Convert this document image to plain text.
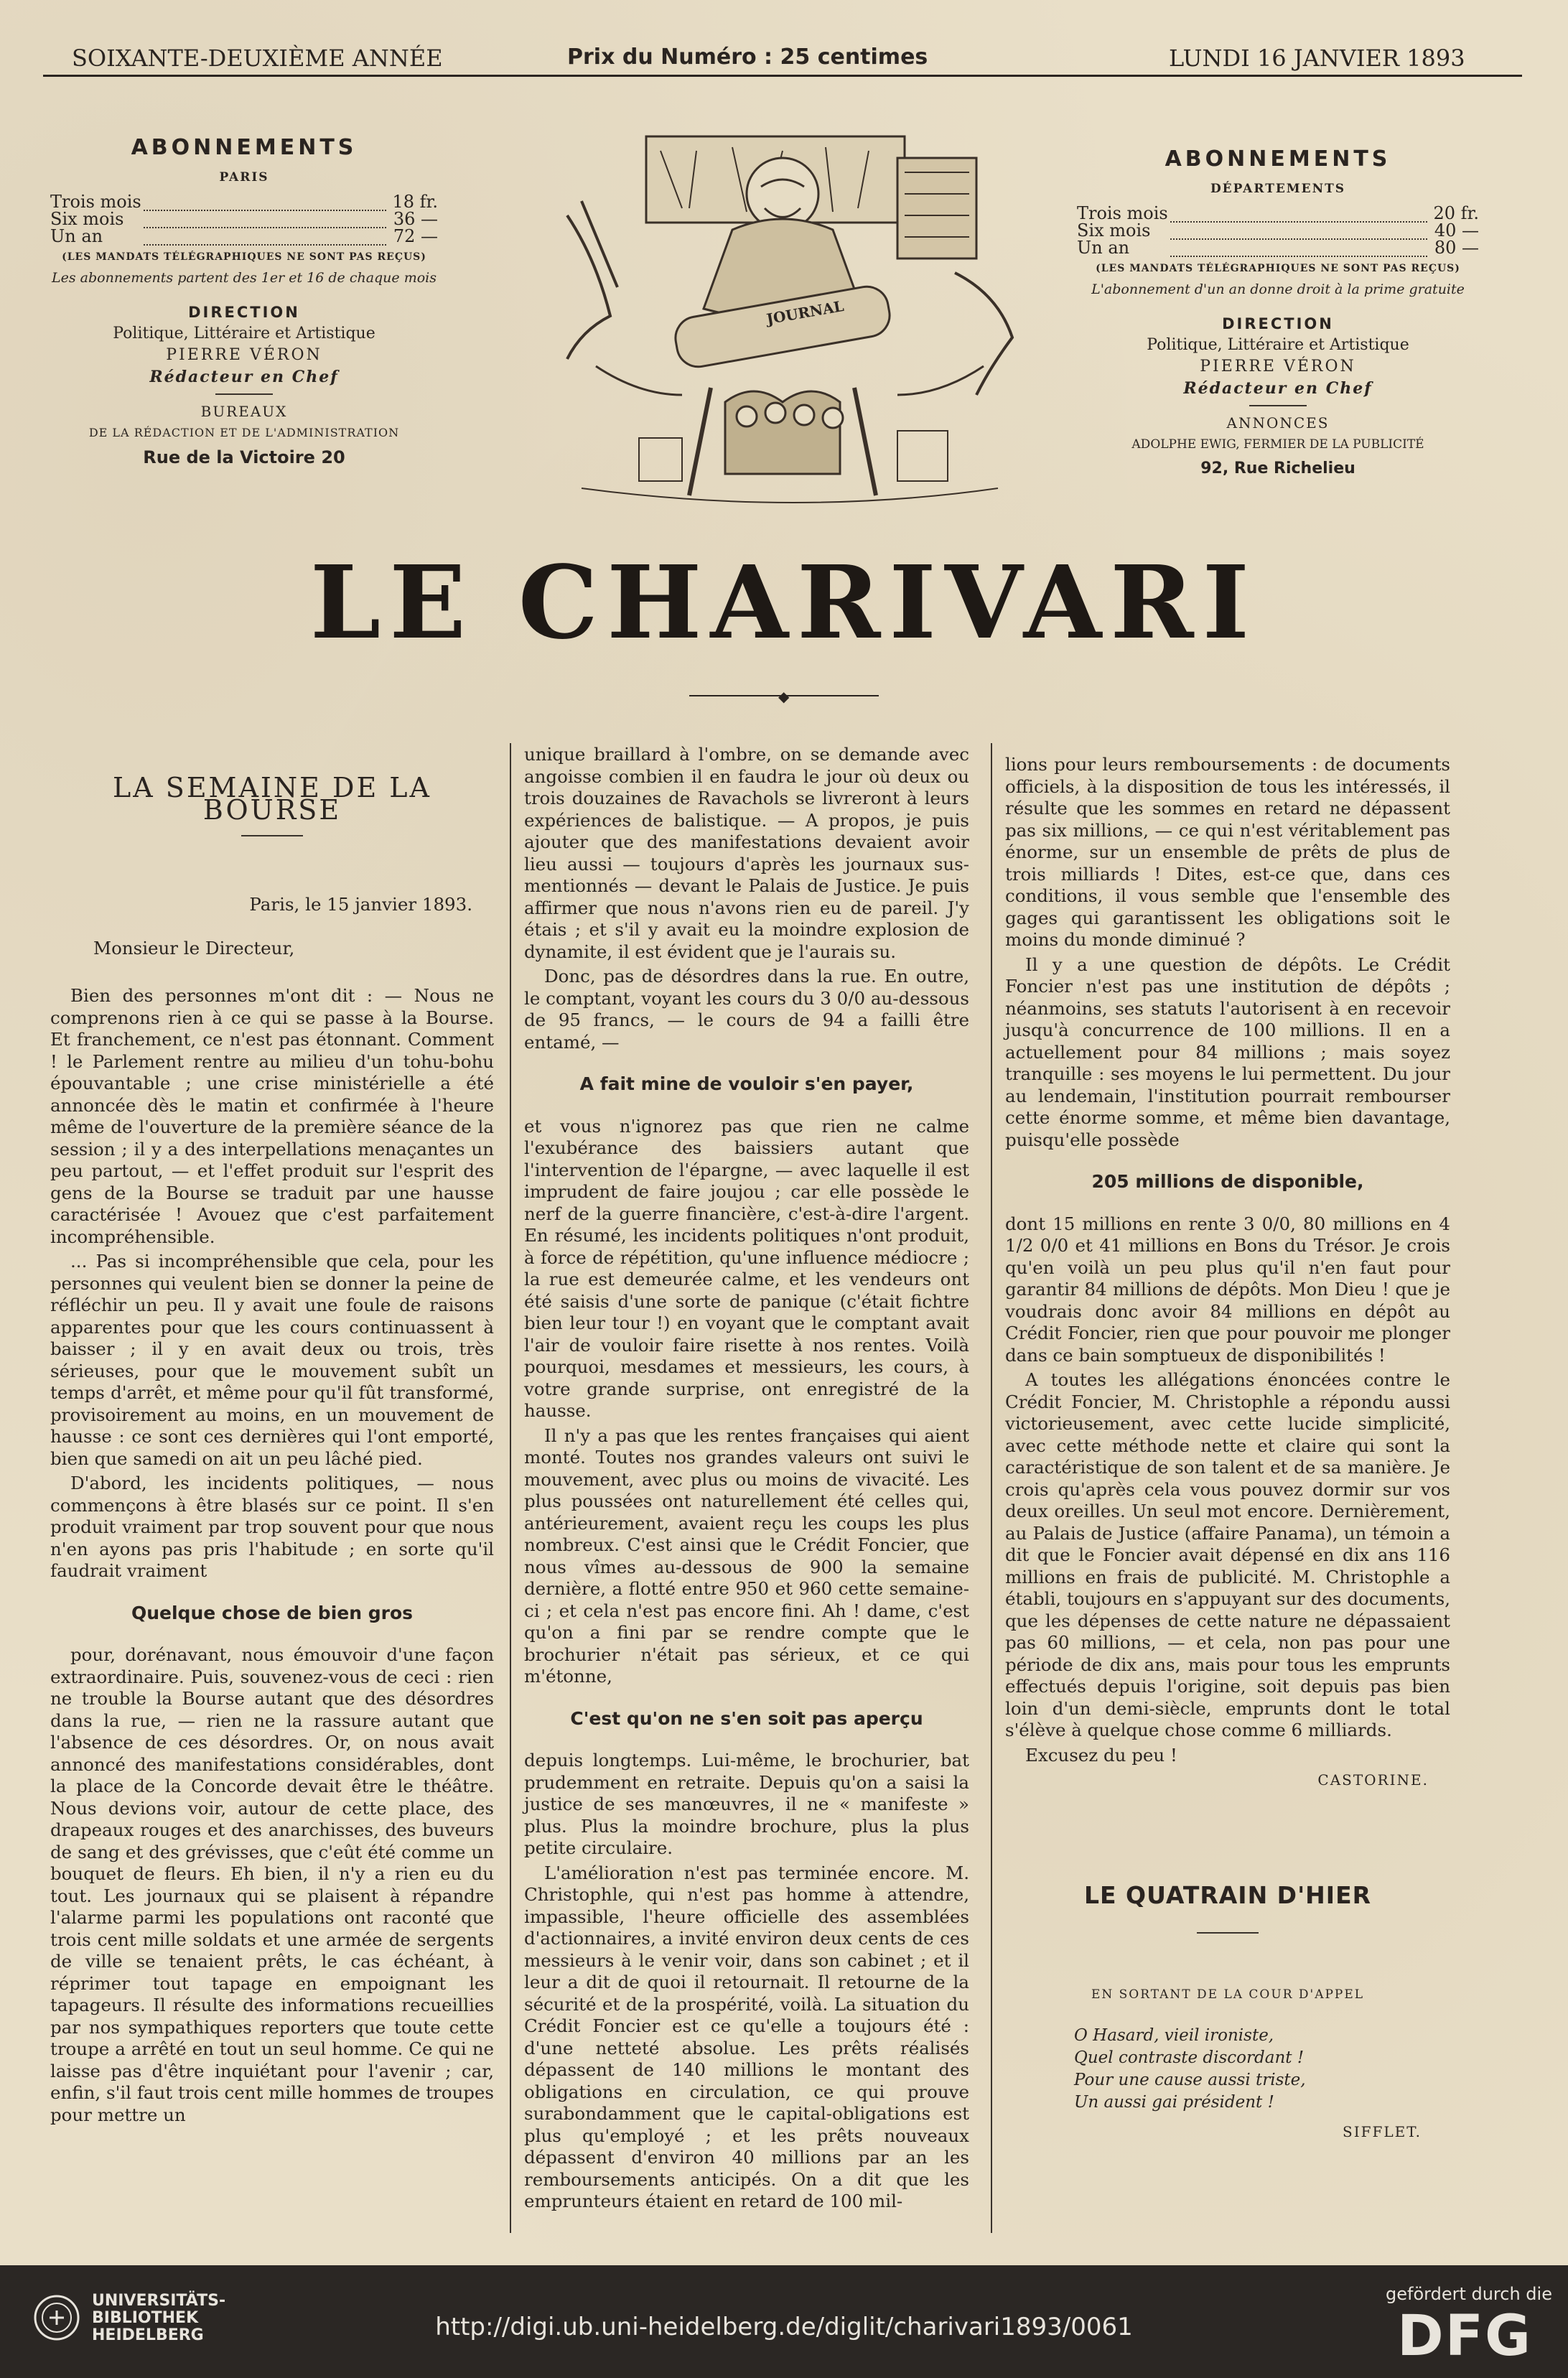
SOIXANTE-DEUXIÈME ANNÉE	Prix du Numéro : 25 centimes	LUNDI 16 JANVIER 1893
ABONNEMENTS
PARIS
Trois mois		18 fr.
Six mois		36 —
Un an		72 —
(LES MANDATS TÉLÉGRAPHIQUES NE SONT PAS REÇUS)
Les abonnements partent des 1er et 16 de chaque mois
DIRECTION
Politique, Littéraire et Artistique
PIERRE VÉRON
Rédacteur en Chef
BUREAUX
DE LA RÉDACTION ET DE L'ADMINISTRATION
Rue de la Victoire 20
ABONNEMENTS
DÉPARTEMENTS
Trois mois		20 fr.
Six mois		40 —
Un an		80 —
(LES MANDATS TÉLÉGRAPHIQUES NE SONT PAS REÇUS)
L'abonnement d'un an donne droit à la prime gratuite
DIRECTION
Politique, Littéraire et Artistique
PIERRE VÉRON
Rédacteur en Chef
ANNONCES
ADOLPHE EWIG, FERMIER DE LA PUBLICITÉ
92, Rue Richelieu
JOURNAL
LE CHARIVARI
◆
LA SEMAINE DE LA BOURSE
Paris, le 15 janvier 1893.
Monsieur le Directeur,

Bien des personnes m'ont dit : — Nous ne comprenons rien à ce qui se passe à la Bourse. Et franchement, ce n'est pas étonnant. Comment ! le Parlement rentre au milieu d'un tohu-bohu épouvantable ; une crise ministérielle a été annoncée dès le matin et confirmée à l'heure même de l'ouverture de la première séance de la session ; il y a des interpellations menaçantes un peu partout, — et l'effet produit sur l'esprit des gens de la Bourse se traduit par une hausse caractérisée ! Avouez que c'est parfaitement incompréhensible.

... Pas si incompréhensible que cela, pour les personnes qui veulent bien se donner la peine de réfléchir un peu. Il y avait une foule de raisons apparentes pour que les cours continuassent à baisser ; il y en avait deux ou trois, très sérieuses, pour que le mouvement subît un temps d'arrêt, et même pour qu'il fût transformé, provisoirement au moins, en un mouvement de hausse : ce sont ces dernières qui l'ont emporté, bien que samedi on ait un peu lâché pied.

D'abord, les incidents politiques, — nous commençons à être blasés sur ce point. Il s'en produit vraiment par trop souvent pour que nous n'en ayons pas pris l'habitude ; en sorte qu'il faudrait vraiment

Quelque chose de bien gros

pour, dorénavant, nous émouvoir d'une façon extraordinaire. Puis, souvenez-vous de ceci : rien ne trouble la Bourse autant que des désordres dans la rue, — rien ne la rassure autant que l'absence de ces désordres. Or, on nous avait annoncé des manifestations considérables, dont la place de la Concorde devait être le théâtre. Nous devions voir, autour de cette place, des drapeaux rouges et des anarchisses, des buveurs de sang et des grévisses, que c'eût été comme un bouquet de fleurs. Eh bien, il n'y a rien eu du tout. Les journaux qui se plaisent à répandre l'alarme parmi les populations ont raconté que trois cent mille soldats et une armée de sergents de ville se tenaient prêts, le cas échéant, à réprimer tout tapage en empoignant les tapageurs. Il résulte des informations recueillies par nos sympathiques reporters que toute cette troupe a arrêté en tout un seul homme. Ce qui ne laisse pas d'être inquiétant pour l'avenir ; car, enfin, s'il faut trois cent mille hommes de troupes pour mettre un

unique braillard à l'ombre, on se demande avec angoisse combien il en faudra le jour où deux ou trois douzaines de Ravachols se livreront à leurs expériences de balistique. — A propos, je puis ajouter que des manifestations devaient avoir lieu aussi — toujours d'après les journaux sus-mentionnés — devant le Palais de Justice. Je puis affirmer que nous n'avons rien eu de pareil. J'y étais ; et s'il y avait eu la moindre explosion de dynamite, il est évident que je l'aurais su.

Donc, pas de désordres dans la rue. En outre, le comptant, voyant les cours du 3 0/0 au-dessous de 95 francs, — le cours de 94 a failli être entamé, —

A fait mine de vouloir s'en payer,

et vous n'ignorez pas que rien ne calme l'exubérance des baissiers autant que l'intervention de l'épargne, — avec laquelle il est imprudent de faire joujou ; car elle possède le nerf de la guerre financière, c'est-à-dire l'argent. En résumé, les incidents politiques n'ont produit, à force de répétition, qu'une influence médiocre ; la rue est demeurée calme, et les vendeurs ont été saisis d'une sorte de panique (c'était fichtre bien leur tour !) en voyant que le comptant avait l'air de vouloir faire risette à nos rentes. Voilà pourquoi, mesdames et messieurs, les cours, à votre grande surprise, ont enregistré de la hausse.

Il n'y a pas que les rentes françaises qui aient monté. Toutes nos grandes valeurs ont suivi le mouvement, avec plus ou moins de vivacité. Les plus poussées ont naturellement été celles qui, antérieurement, avaient reçu les coups les plus nombreux. C'est ainsi que le Crédit Foncier, que nous vîmes au-dessous de 900 la semaine dernière, a flotté entre 950 et 960 cette semaine-ci ; et cela n'est pas encore fini. Ah ! dame, c'est qu'on a fini par se rendre compte que le brochurier n'était pas sérieux, et ce qui m'étonne,

C'est qu'on ne s'en soit pas aperçu

depuis longtemps. Lui-même, le brochurier, bat prudemment en retraite. Depuis qu'on a saisi la justice de ses manœuvres, il ne « manifeste » plus. Plus la moindre brochure, plus la plus petite circulaire.

L'amélioration n'est pas terminée encore. M. Christophle, qui n'est pas homme à attendre, impassible, l'heure officielle des assemblées d'actionnaires, a invité environ deux cents de ces messieurs à le venir voir, dans son cabinet ; et il leur a dit de quoi il retournait. Il retourne de la sécurité et de la prospérité, voilà. La situation du Crédit Foncier est ce qu'elle a toujours été : d'une netteté absolue. Les prêts réalisés dépassent de 140 millions le montant des obligations en circulation, ce qui prouve surabondamment que le capital-obligations est plus qu'employé ; et les prêts nouveaux dépassent d'environ 40 millions par an les remboursements anticipés. On a dit que les emprunteurs étaient en retard de 100 mil-

lions pour leurs remboursements : de documents officiels, à la disposition de tous les intéressés, il résulte que les sommes en retard ne dépassent pas six millions, — ce qui n'est véritablement pas énorme, sur un ensemble de prêts de plus de trois milliards ! Dites, est-ce que, dans ces conditions, il vous semble que l'ensemble des gages qui garantissent les obligations soit le moins du monde diminué ?

Il y a une question de dépôts. Le Crédit Foncier n'est pas une institution de dépôts ; néanmoins, ses statuts l'autorisent à en recevoir jusqu'à concurrence de 100 millions. Il en a actuellement pour 84 millions ; mais soyez tranquille : ses moyens le lui permettent. Du jour au lendemain, l'institution pourrait rembourser cette énorme somme, et même bien davantage, puisqu'elle possède

205 millions de disponible,

dont 15 millions en rente 3 0/0, 80 millions en 4 1/2 0/0 et 41 millions en Bons du Trésor. Je crois qu'en voilà un peu plus qu'il n'en faut pour garantir 84 millions de dépôts. Mon Dieu ! que je voudrais donc avoir 84 millions en dépôt au Crédit Foncier, rien que pour pouvoir me plonger dans ce bain somptueux de disponibilités !

A toutes les allégations énoncées contre le Crédit Foncier, M. Christophle a répondu aussi victorieusement, avec cette lucide simplicité, avec cette méthode nette et claire qui sont la caractéristique de son talent et de sa manière. Je crois qu'après cela vous pouvez dormir sur vos deux oreilles. Un seul mot encore. Dernièrement, au Palais de Justice (affaire Panama), un témoin a dit que le Foncier avait dépensé en dix ans 116 millions en frais de publicité. M. Christophle a établi, toujours en s'appuyant sur des documents, que les dépenses de cette nature ne dépassaient pas 60 millions, — et cela, non pas pour une période de dix ans, mais pour tous les emprunts effectués depuis l'origine, soit depuis pas bien loin d'un demi-siècle, emprunts dont le total s'élève à quelque chose comme 6 milliards.

Excusez du peu !

CASTORINE.
LE QUATRAIN D'HIER
EN SORTANT DE LA COUR D'APPEL
O Hasard, vieil ironiste,
Quel contraste discordant !
Pour une cause aussi triste,
Un aussi gai président !
SIFFLET.
UNIVERSITÄTS-
BIBLIOTHEK
HEIDELBERG	http://digi.ub.uni-heidelberg.de/diglit/charivari1893/0061
gefördert durch die
DFG
